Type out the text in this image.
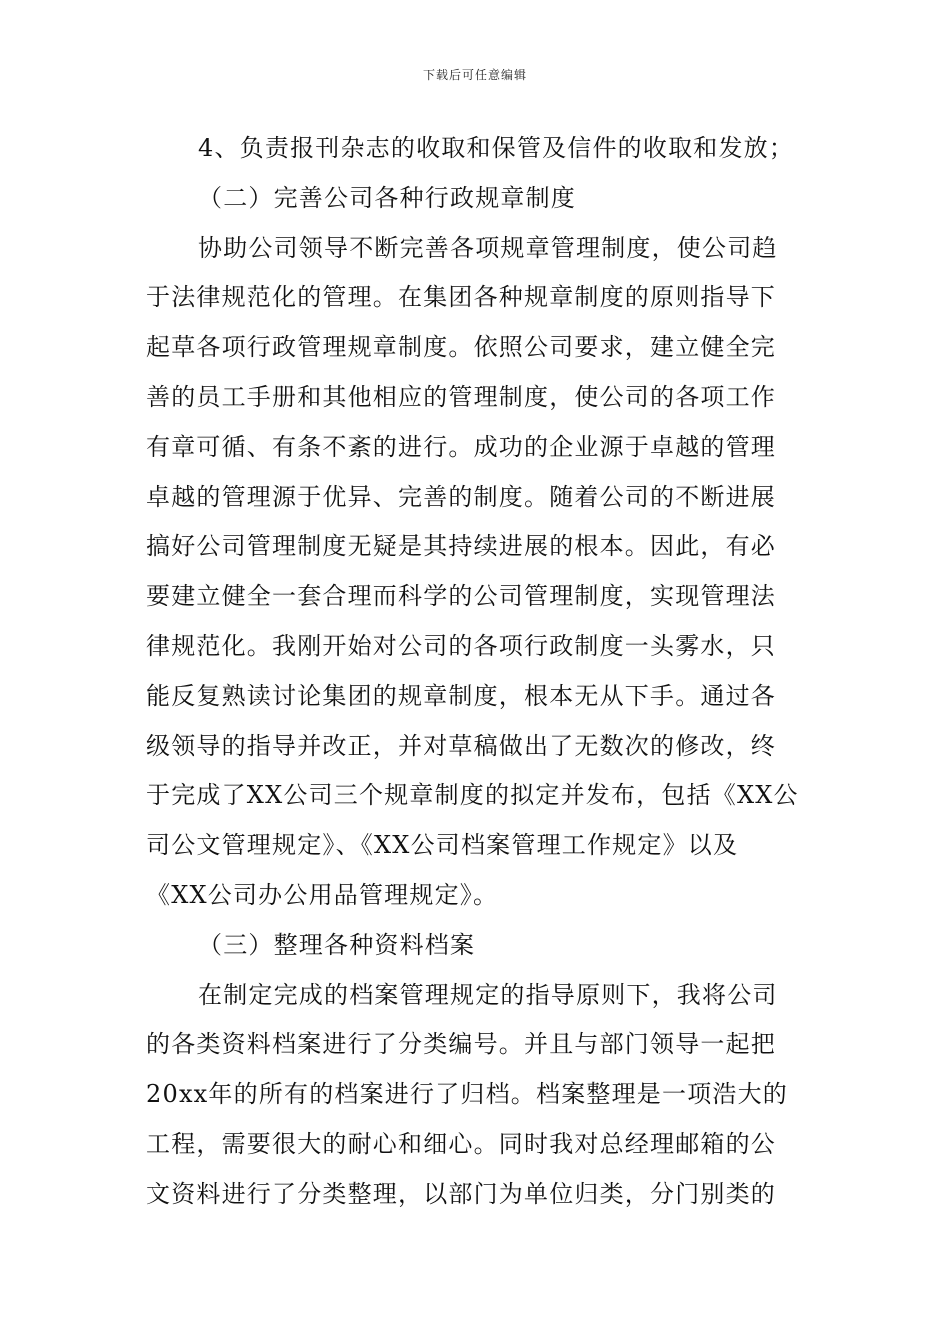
下载后可任意编辑
4、负责报刊杂志的收取和保管及信件的收取和发放；
（二）完善公司各种行政规章制度
协助公司领导不断完善各项规章管理制度，使公司趋
于法律规范化的管理。在集团各种规章制度的原则指导下
起草各项行政管理规章制度。依照公司要求，建立健全完
善的员工手册和其他相应的管理制度，使公司的各项工作
有章可循、有条不紊的进行。成功的企业源于卓越的管理
卓越的管理源于优异、完善的制度。随着公司的不断进展
搞好公司管理制度无疑是其持续进展的根本。因此，有必
要建立健全一套合理而科学的公司管理制度，实现管理法
律规范化。我刚开始对公司的各项行政制度一头雾水，只
能反复熟读讨论集团的规章制度，根本无从下手。通过各
级领导的指导并改正，并对草稿做出了无数次的修改，终
于完成了XX公司三个规章制度的拟定并发布，包括《XX公
司公文管理规定》、《XX公司档案管理工作规定》以及
《XX公司办公用品管理规定》。
（三）整理各种资料档案
在制定完成的档案管理规定的指导原则下，我将公司
的各类资料档案进行了分类编号。并且与部门领导一起把
20xx年的所有的档案进行了归档。档案整理是一项浩大的
工程，需要很大的耐心和细心。同时我对总经理邮箱的公
文资料进行了分类整理，以部门为单位归类，分门别类的
